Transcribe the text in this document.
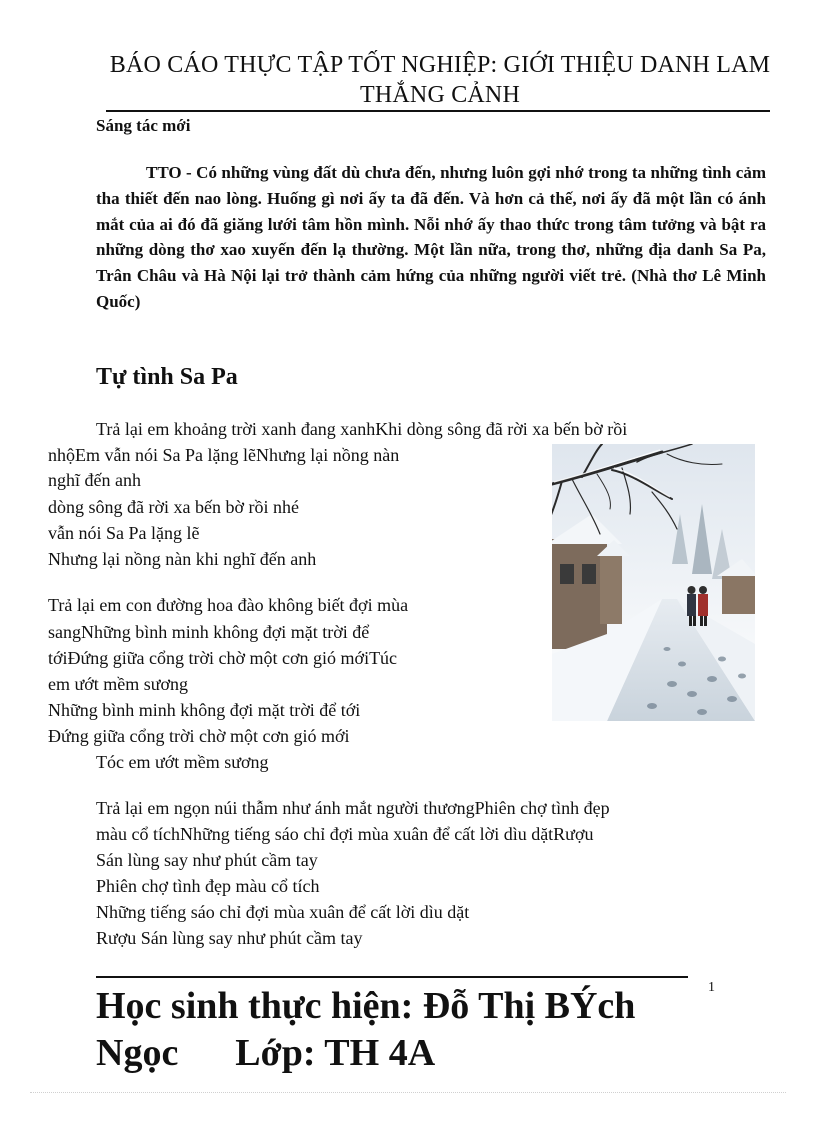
BÁO CÁO THỰC TẬP TỐT NGHIỆP: GIỚI THIỆU DANH LAM THẮNG CẢNH
Sáng tác mới
TTO - Có những vùng đất dù chưa đến, nhưng luôn gợi nhớ trong ta những tình cảm tha thiết đến nao lòng. Huống gì nơi ấy ta đã đến. Và hơn cả thế, nơi ấy đã một lần có ánh mắt của ai đó đã giăng lưới tâm hồn mình. Nỗi nhớ ấy thao thức trong tâm tưởng và bật ra những dòng thơ xao xuyến đến lạ thường. Một lần nữa, trong thơ, những địa danh Sa Pa, Trân Châu và Hà Nội lại trở thành cảm hứng của những người viết trẻ. (Nhà thơ Lê Minh Quốc)
Tự tình Sa Pa
Trả lại em khoảng trời xanh đang xanhKhi dòng sông đã rời xa bến bờ rồi
nhộEm vẫn nói Sa Pa lặng lẽNhưng lại nồng nàn
nghĩ đến anh
dòng sông đã rời xa bến bờ rồi nhé
vẫn nói Sa Pa lặng lẽ
Nhưng lại nồng nàn khi nghĩ đến anh
Trả lại em con đường hoa đào không biết đợi mùa
sangNhững bình minh không đợi mặt trời để
tớiĐứng giữa cổng trời chờ một cơn gió mớiTúc
em ướt mềm sương
Những bình minh không đợi mặt trời để tới
Đứng giữa cổng trời chờ một cơn gió mới
Tóc em ướt mềm sương
Trả lại em ngọn núi thẫm như ánh mắt người thươngPhiên chợ tình đẹp
màu cổ tíchNhững tiếng sáo chỉ đợi mùa xuân để cất lời dìu dặtRượu
Sán lùng say như phút cầm tay
Phiên chợ tình đẹp màu cổ tích
Những tiếng sáo chỉ đợi mùa xuân để cất lời dìu dặt
Rượu Sán lùng say như phút cầm tay
1
Học sinh thực hiện: Đỗ Thị BÝch
Ngọc      Lớp: TH 4A
